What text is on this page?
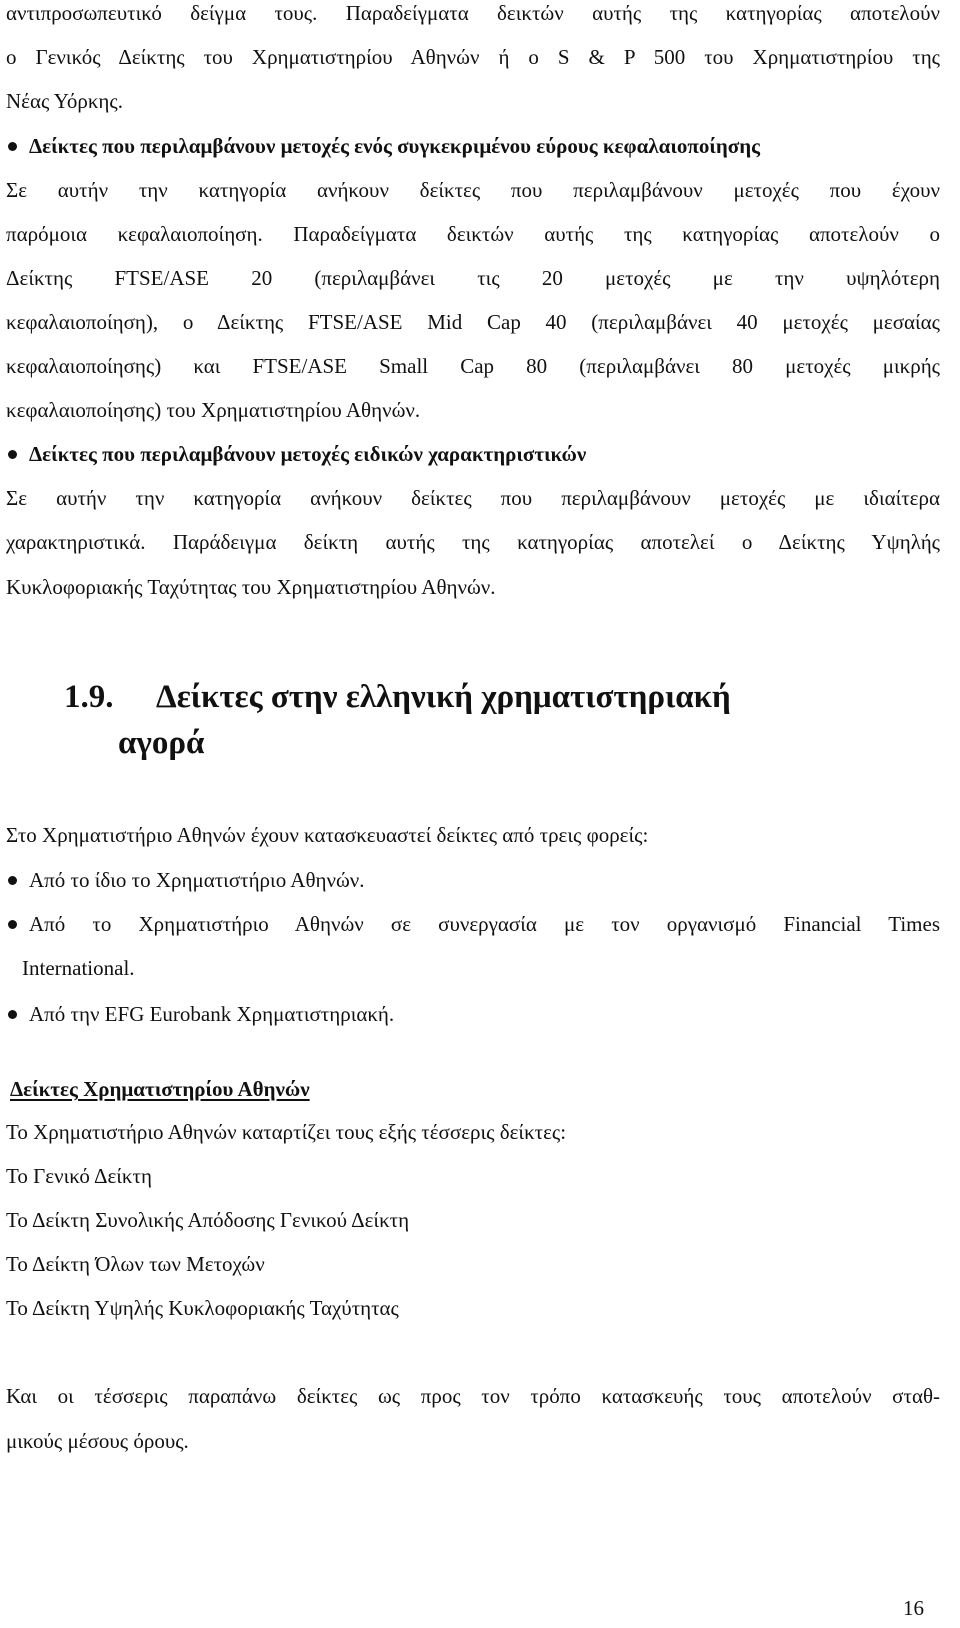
αντιπροσωπευτικό δείγμα τους. Παραδείγματα δεικτών αυτής της κατηγορίας αποτελούν
ο Γενικός Δείκτης του Χρηματιστηρίου Αθηνών ή ο S & P 500 του Χρηματιστηρίου της
Νέας Υόρκης.
Δείκτες που περιλαμβάνουν μετοχές ενός συγκεκριμένου εύρους κεφαλαιοποίησης
Σε αυτήν την κατηγορία ανήκουν δείκτες που περιλαμβάνουν μετοχές που έχουν
παρόμοια κεφαλαιοποίηση. Παραδείγματα δεικτών αυτής της κατηγορίας αποτελούν ο
Δείκτης FTSE/ASE 20 (περιλαμβάνει τις 20 μετοχές με την υψηλότερη
κεφαλαιοποίηση), ο Δείκτης FTSE/ASE Mid Cap 40 (περιλαμβάνει 40 μετοχές μεσαίας
κεφαλαιοποίησης) και FTSE/ASE Small Cap 80 (περιλαμβάνει 80 μετοχές μικρής
κεφαλαιοποίησης) του Χρηματιστηρίου Αθηνών.
Δείκτες που περιλαμβάνουν μετοχές ειδικών χαρακτηριστικών
Σε αυτήν την κατηγορία ανήκουν δείκτες που περιλαμβάνουν μετοχές με ιδιαίτερα
χαρακτηριστικά. Παράδειγμα δείκτη αυτής της κατηγορίας αποτελεί ο Δείκτης Υψηλής
Κυκλοφοριακής Ταχύτητας του Χρηματιστηρίου Αθηνών.
1.9. Δείκτες στην ελληνική χρηματιστηριακή
αγορά
Στο Χρηματιστήριο Αθηνών έχουν κατασκευαστεί δείκτες από τρεις φορείς:
Από το ίδιο το Χρηματιστήριο Αθηνών.
Από το Χρηματιστήριο Αθηνών σε συνεργασία με τον οργανισμό Financial Times
International.
Από την EFG Eurobank Χρηματιστηριακή.
Δείκτες Χρηματιστηρίου Αθηνών
Το Χρηματιστήριο Αθηνών καταρτίζει τους εξής τέσσερις δείκτες:
Το Γενικό Δείκτη
Το Δείκτη Συνολικής Απόδοσης Γενικού Δείκτη
Το Δείκτη Όλων των Μετοχών
Το Δείκτη Υψηλής Κυκλοφοριακής Ταχύτητας
Και οι τέσσερις παραπάνω δείκτες ως προς τον τρόπο κατασκευής τους αποτελούν σταθ-
μικούς μέσους όρους.
16
